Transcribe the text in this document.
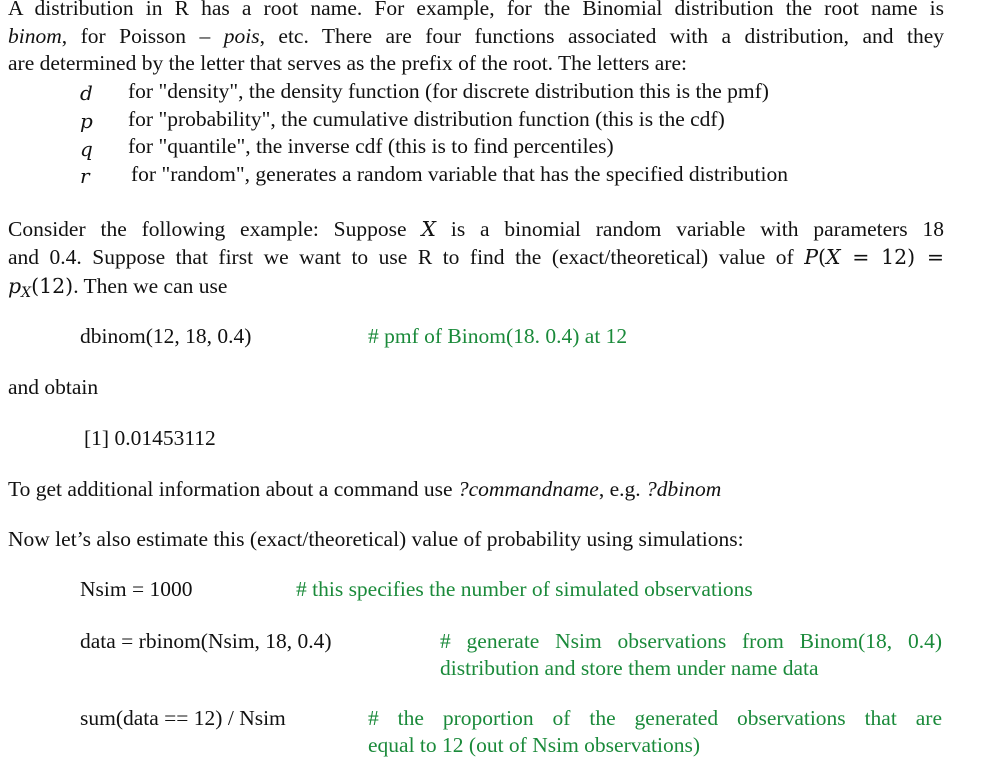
A distribution in R has a root name. For example, for the Binomial distribution the root name is
binom, for Poisson – pois, etc. There are four functions associated with a distribution, and they
are determined by the letter that serves as the prefix of the root. The letters are:
d for "density", the density function (for discrete distribution this is the pmf)
p for "probability", the cumulative distribution function (this is the cdf)
q for "quantile", the inverse cdf (this is to find percentiles)
r for "random", generates a random variable that has the specified distribution
Consider the following example: Suppose X is a binomial random variable with parameters 18
and 0.4. Suppose that first we want to use R to find the (exact/theoretical) value of P(X = 12) =
$p_X(12)$. Then we can use
dbinom(12, 18, 0.4)	# pmf of Binom(18. 0.4) at 12
and obtain
[1] 0.01453112
To get additional information about a command use ?commandname, e.g. ?dbinom
Now let’s also estimate this (exact/theoretical) value of probability using simulations:
Nsim = 1000	# this specifies the number of simulated observations
data = rbinom(Nsim, 18, 0.4)	# generate Nsim observations from Binom(18, 0.4)
distribution and store them under name data
sum(data == 12) / Nsim	# the proportion of the generated observations that are
equal to 12 (out of Nsim observations)
